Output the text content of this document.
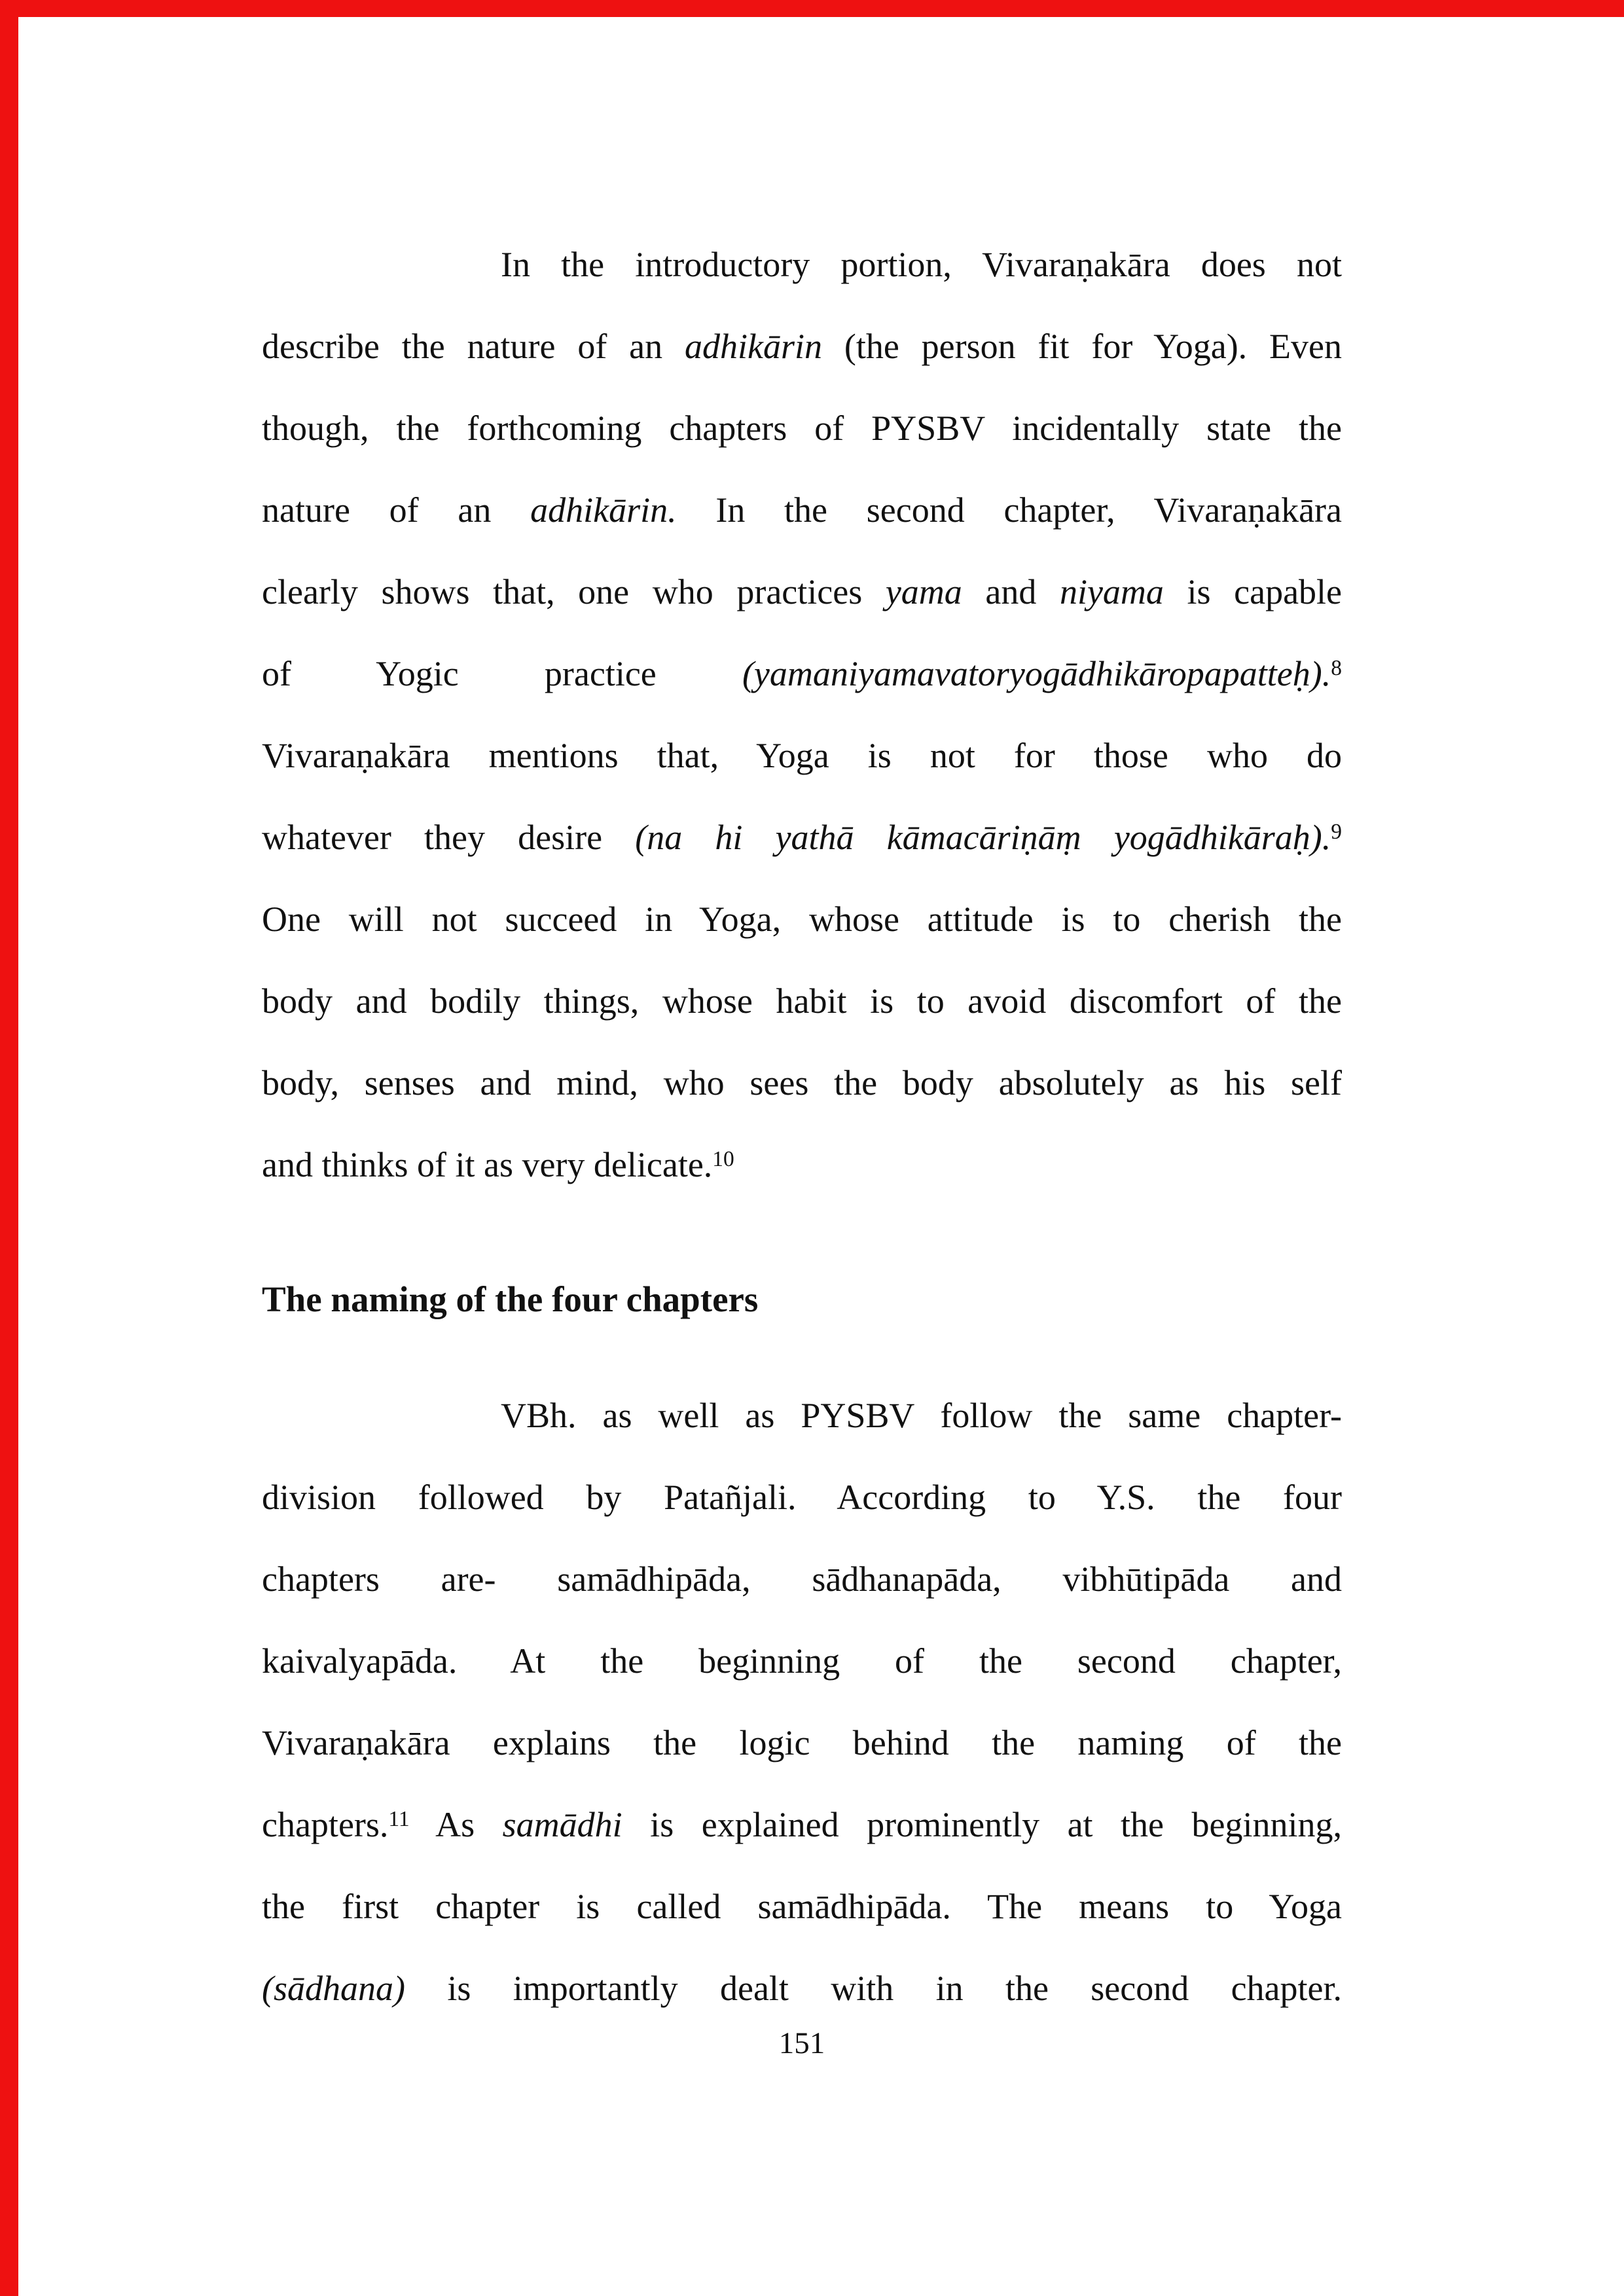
In the introductory portion, Vivaraṇakāra does not
describe the nature of an adhikārin (the person fit for Yoga). Even
though, the forthcoming chapters of PYSBV incidentally state the
nature of an adhikārin. In the second chapter, Vivaraṇakāra
clearly shows that, one who practices yama and niyama is capable
of Yogic practice (yamaniyamavatoryogādhikāropapatteḥ).$^8$
Vivaraṇakāra mentions that, Yoga is not for those who do
whatever they desire (na hi yathā kāmacāriṇāṃ yogādhikāraḥ).$^9$
One will not succeed in Yoga, whose attitude is to cherish the
body and bodily things, whose habit is to avoid discomfort of the
body, senses and mind, who sees the body absolutely as his self
and thinks of it as very delicate.$^{10}$
The naming of the four chapters
VBh. as well as PYSBV follow the same chapter-
division followed by Patañjali. According to Y.S. the four
chapters are- samādhipāda, sādhanapāda, vibhūtipāda and
kaivalyapāda. At the beginning of the second chapter,
Vivaraṇakāra explains the logic behind the naming of the
chapters.$^{11}$ As samādhi is explained prominently at the beginning,
the first chapter is called samādhipāda. The means to Yoga
(sādhana) is importantly dealt with in the second chapter.
151
